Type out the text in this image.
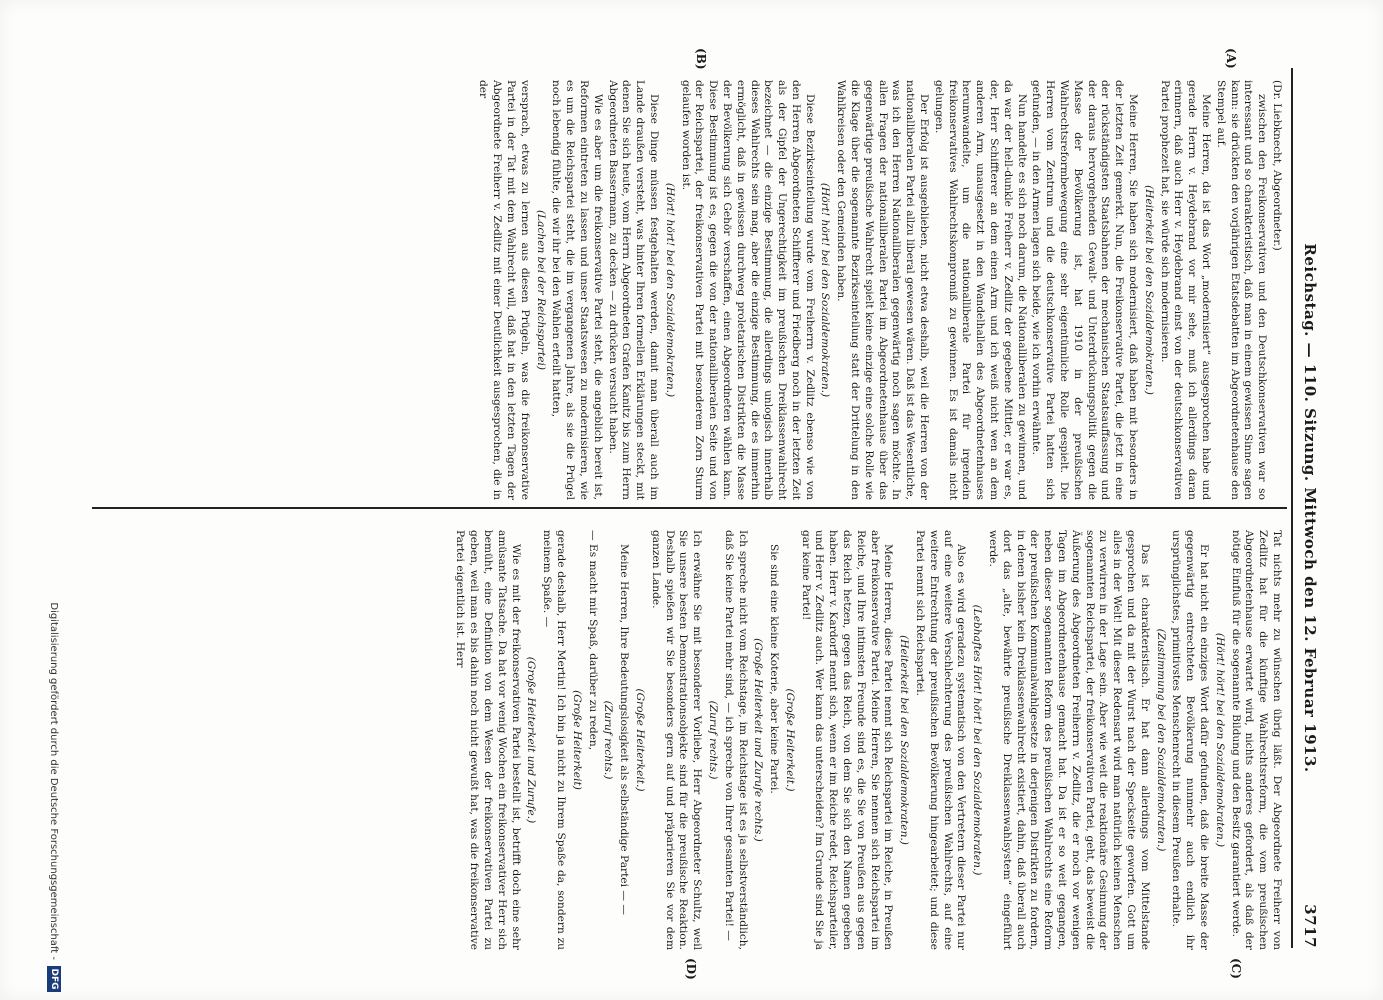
Reichstag. — 110. Sitzung. Mittwoch den 12. Februar 1913.
3717
(A)
(B)
(C)
(D)

(Dr. Liebknecht, Abgeordneter.)

zwischen den Freikonservativen und den Deutschkonservativen war so interessant und so charakteristisch, daß man in einem gewissen Sinne sagen kann: sie drückten den vorjährigen Etatsdebatten im Abgeordnetenhause den Stempel auf.

Meine Herren, da ist das Wort „modernisiert“ ausgesprochen habe und gerade Herrn v. Heydebrand vor mir sehe, muß ich allerdings daran erinnern, daß auch Herr v. Heydebrand einst von der deutschkonservativen Partei prophezeit hat, sie würde sich modernisieren.

(Heiterkeit bei den Sozialdemokraten.)

Meine Herren, Sie haben sich modernisiert, daß haben mit besonders in der letzten Zeit gemerkt. Nun, die Freikonservative Partei, die jetzt in eine der rückständigsten Staatsbahnen der mechanischen Staatsauffassung und der daraus hervorgehenden Gewalt- und Unterdrückungspolitik gegen die Masse der Bevölkerung ist, hat 1910 in der preußischen Wahlrechtsreformbewegung eine sehr eigentümliche Rolle gespielt. Die Herren vom Zentrum und die deutschkonservative Partei hatten sich gefunden, — in den Armen lagen sich beide, wie ich vorhin erwähnte.

Nun handelte es sich noch darum, die Nationalliberalen zu gewinnen, und da war der hell-dunkle Freiherr v. Zedlitz der gegebene Mittler, er war es, der, Herr Schiffterer an dem einen Arm und ich weiß nicht wen an dem anderen Arm, unausgesetzt in den Wandelhallen des Abgeordnetenhauses herumwandelte, um die nationalliberale Partei für irgendein freikonservatives Wahlrechtskompromiß zu gewinnen. Es ist damals nicht gelungen.

Der Erfolg ist ausgeblieben, nicht etwa deshalb, weil die Herren von der nationalliberalen Partei allzu liberal gewesen wären. Daß ist das Wesentliche, was ich den Herren Nationalliberalen gegenwärtig noch sagen möchte. In allen Fragen der nationalliberalen Partei im Abgeordnetenhause über das gegenwärtige preußische Wahlrecht spielt keine einzige eine solche Rolle wie die Klage über die sogenannte Bezirkseinteilung statt der Drittelung in den Wahlkreisen oder den Gemeinden haben.

(Hört! hört! bei den Sozialdemokraten.)

Diese Bezirkseinteilung wurde vom Freiherrn v. Zedlitz ebenso wie von den Herren Abgeordneten Schiffterer und Friedberg noch in der letzten Zeit als der Gipfel der Ungerechtigkeit im preußischen Dreiklassenwahlrecht bezeichnet — die einzige Bestimmung, die allerdings unlogisch innerhalb dieses Wahlrechts sein mag, aber die einzige Bestimmung, die es immerhin ermöglicht, daß in gewissen durchweg proletarischen Distrikten die Masse der Bevölkerung sich Gehör verschaffen, einen Abgeordneten wählen kann. Diese Bestimmung ist es, gegen die von der nationalliberalen Seite und von der Reichspartei, der freikonservativen Partei mit besonderem Zorn Sturm gelaufen worden ist.

(Hört! hört! bei den Sozialdemokraten.)

Diese Dinge müssen festgehalten werden, damit man überall auch im Lande draußen versteht, was hinter Ihren formellen Erklärungen steckt, mit denen Sie sich heute, vom Herrn Abgeordneten Grafen Kanitz bis zum Herrn Abgeordneten Bassermann, zu decken — zu drücken versucht haben.

Wie es aber um die freikonservative Partei steht, die angeblich bereit ist, Reformen eintreten zu lassen und unser Staatswesen zu modernisieren, wie es um die Reichspartei steht, die im vergangenen Jahre, als sie die Prügel noch lebendig fühlte, die wir ihr bei den Wahlen erteilt hatten,

(Lachen bei der Reichspartei)

versprach, etwas zu lernen aus diesen Prügeln, was die freikonservative Partei in der Tat mit dem Wahlrecht will, daß hat in den letzten Tagen der Abgeordnete Freiherr v. Zedlitz mit einer Deutlichkeit ausgesprochen, die in der

Tat nichts mehr zu wünschen übrig läßt. Der Abgeordnete Freiherr von Zedlitz hat für die künftige Wahlrechtsreform, die vom preußischen Abgeordnetenhause erwartet wird, nichts anderes gefordert, als daß der nötige Einfluß für die sogenannte Bildung und den Besitz garantiert werde.

(Hört! hört! bei den Sozialdemokraten.)

Er hat nicht ein einziges Wort dafür gefunden, daß die breite Masse der gegenwärtig entrechteten Bevölkerung nunmehr auch endlich ihr ursprünglichstes, primitivstes Menschenrecht in diesem Preußen erhalte.

(Zustimmung bei den Sozialdemokraten.)

Das ist charakteristisch. Er hat dann allerdings vom Mittelstande gesprochen und da mit der Wurst nach der Speckseite geworfen. Gott um alles in der Welt! Mit dieser Redensart wird man natürlich keinen Menschen zu verwirren in der Lage sein. Aber wie weit die reaktionäre Gesinnung der sogenannten Reichspartei, der freikonservativen Partei, geht, das beweist die Äußerung des Abgeordneten Freiherrn v. Zedlitz, die er noch vor wenigen Tagen im Abgeordnetenhause gemacht hat. Da ist er so weit gegangen, neben dieser sogenannten Reform des preußischen Wahlrechts eine Reform der preußischen Kommunalwahlgesetze in derjenigen Distrikten zu fordern, in denen bisher kein Dreiklassenwahlrecht existiert, dahin, daß überall auch dort das „alte, bewährte preußische Dreiklassenwahlsystem“ eingeführt werde.

(Lebhaftes Hört! hört! bei den Sozialdemokraten.)

Also es wird geradezu systematisch von den Vertretern dieser Partei nur auf eine weitere Verschlechterung des preußischen Wahlrechts, auf eine weitere Entrechtung der preußischen Bevölkerung hingearbeitet; und diese Partei nennt sich Reichspartei.

(Heiterkeit bei den Sozialdemokraten.)

Meine Herren, diese Partei nennt sich Reichspartei im Reiche, in Preußen aber freikonservative Partei. Meine Herren, Sie nennen sich Reichspartei im Reiche, und Ihre intimsten Freunde sind es, die Sie von Preußen aus gegen das Reich hetzen, gegen das Reich, von dem Sie sich den Namen gegeben haben. Herr v. Kardorff nennt sich, wenn er im Reiche redet, Reichsparteiler, und Herr v. Zedlitz auch. Wer kann das unterscheiden? Im Grunde sind Sie ja gar keine Partei!

(Große Heiterkeit.)

Sie sind eine kleine Koterie, aber keine Partei.

(Große Heiterkeit und Zurufe rechts.)

Ich spreche nicht vom Reichstage, im Reichstage ist es ja selbstverständlich, daß Sie keine Partei mehr sind, — ich spreche von Ihrer gesamten Partei! —

(Zuruf rechts.)

Ich erwähne Sie mit besonderer Vorliebe, Herr Abgeordneter Schultz, weil Sie unsere besten Demonstrationsobjekte sind für die preußische Reaktion. Deshalb spießen wir Sie besonders gern auf und präparieren Sie vor dem ganzen Lande.

(Große Heiterkeit.)

Meine Herren, Ihre Bedeutungslosigkeit als selbständige Partei — —

(Zuruf rechts.)

— Es macht mir Spaß, darüber zu reden,

(Große Heiterkeit)

gerade deshalb, Herr Mertin! Ich bin ja nicht zu Ihrem Spaße da, sondern zu meinem Spaße. —

(Große Heiterkeit und Zurufe.)

Wie es mit der freikonservativen Partei bestellt ist, betrifft doch eine sehr amüsante Tatsache. Da hat vor wenig Wochen ein freikonservativer Herr sich bemüht, eine Definition von dem Wesen der freikonservativen Partei zu geben, weil man es bis dahin noch nicht gewußt hat, was die freikonservative Partei eigentlich ist. Herr

Digitalisierung gefördert durch die Deutsche Forschungsgemeinschaft -
DFG
